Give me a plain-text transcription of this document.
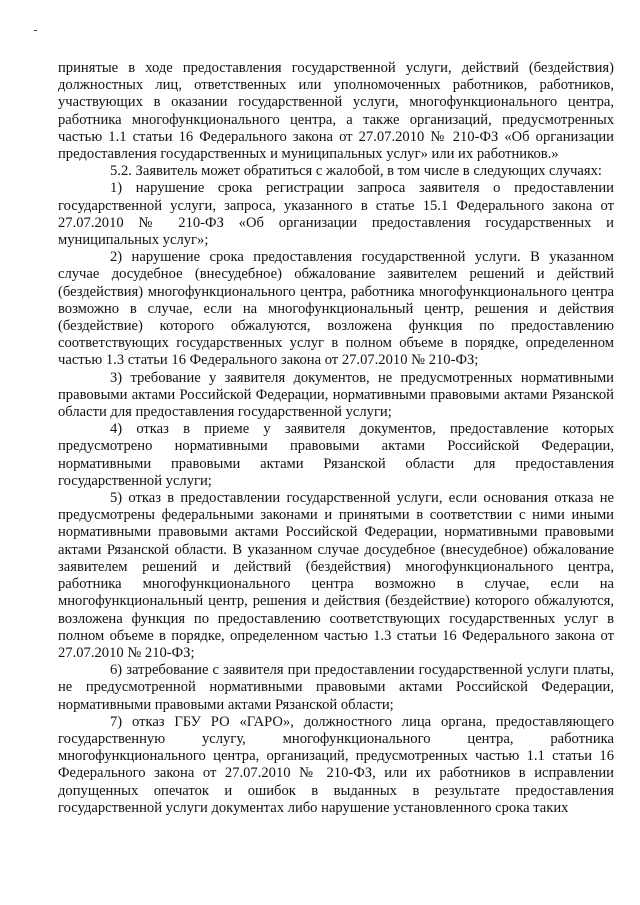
принятые в ходе предоставления государственной услуги, действий (бездействия) должностных лиц, ответственных или уполномоченных работников, работников, участвующих в оказании государственной услуги, многофункционального центра, работника многофункционального центра, а также организаций, предусмотренных частью 1.1 статьи 16 Федерального закона от 27.07.2010 № 210-ФЗ «Об организации предоставления государственных и муниципальных услуг» или их работников.»

5.2. Заявитель может обратиться с жалобой, в том числе в следующих случаях:

1) нарушение срока регистрации запроса заявителя о предоставлении государственной услуги, запроса, указанного в статье 15.1 Федерального закона от 27.07.2010 № 210-ФЗ «Об организации предоставления государственных и муниципальных услуг»;

2) нарушение срока предоставления государственной услуги. В указанном случае досудебное (внесудебное) обжалование заявителем решений и действий (бездействия) многофункционального центра, работника многофункционального центра возможно в случае, если на многофункциональный центр, решения и действия (бездействие) которого обжалуются, возложена функция по предоставлению соответствующих государственных услуг в полном объеме в порядке, определенном частью 1.3 статьи 16 Федерального закона от 27.07.2010 № 210-ФЗ;

3) требование у заявителя документов, не предусмотренных нормативными правовыми актами Российской Федерации, нормативными правовыми актами Рязанской области для предоставления государственной услуги;

4) отказ в приеме у заявителя документов, предоставление которых предусмотрено нормативными правовыми актами Российской Федерации, нормативными правовыми актами Рязанской области для предоставления государственной услуги;

5) отказ в предоставлении государственной услуги, если основания отказа не предусмотрены федеральными законами и принятыми в соответствии с ними иными нормативными правовыми актами Российской Федерации, нормативными правовыми актами Рязанской области. В указанном случае досудебное (внесудебное) обжалование заявителем решений и действий (бездействия) многофункционального центра, работника многофункционального центра возможно в случае, если на многофункциональный центр, решения и действия (бездействие) которого обжалуются, возложена функция по предоставлению соответствующих государственных услуг в полном объеме в порядке, определенном частью 1.3 статьи 16 Федерального закона от 27.07.2010 № 210-ФЗ;

6) затребование с заявителя при предоставлении государственной услуги платы, не предусмотренной нормативными правовыми актами Российской Федерации, нормативными правовыми актами Рязанской области;

7) отказ ГБУ РО «ГАРО», должностного лица органа, предоставляющего государственную услугу, многофункционального центра, работника многофункционального центра, организаций, предусмотренных частью 1.1 статьи 16 Федерального закона от 27.07.2010 № 210-ФЗ, или их работников в исправлении допущенных опечаток и ошибок в выданных в результате предоставления государственной услуги документах либо нарушение установленного срока таких
